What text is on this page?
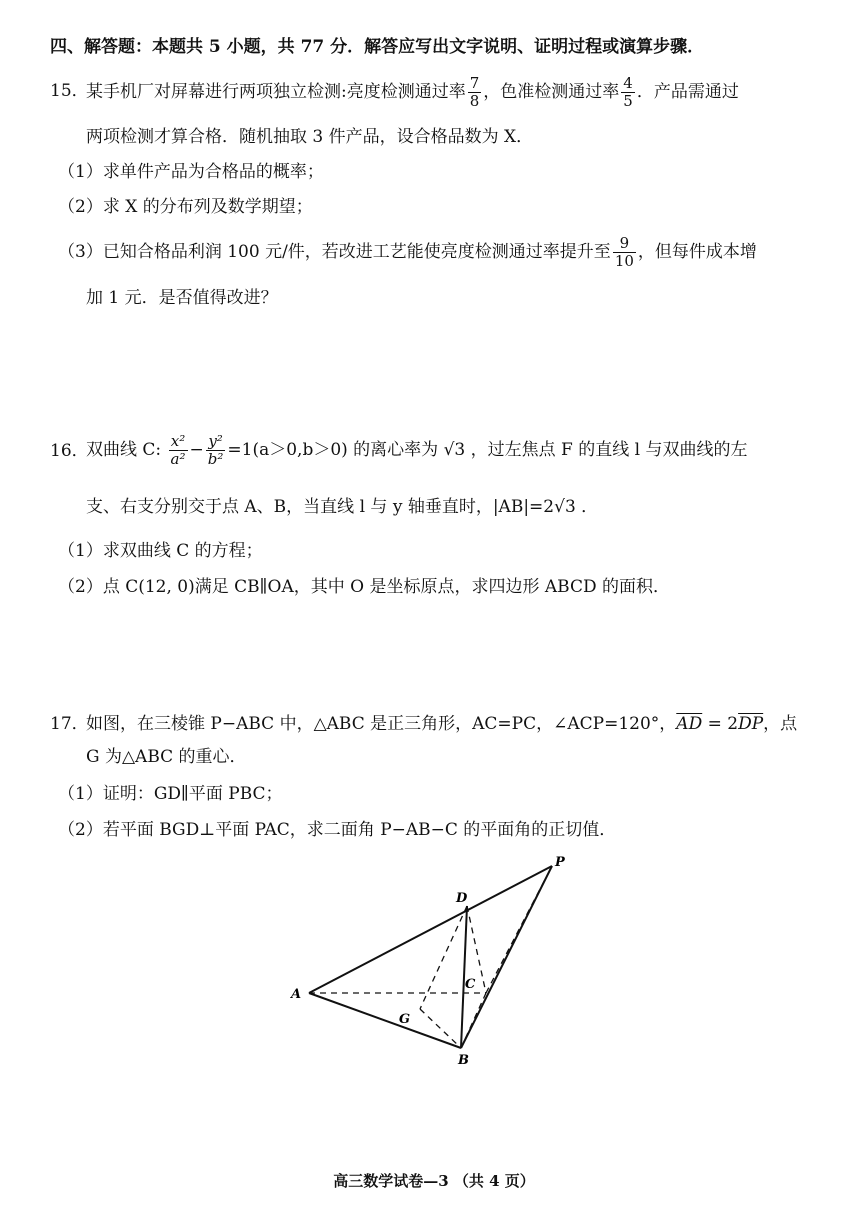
四、解答题：本题共 5 小题，共 77 分．解答应写出文字说明、证明过程或演算步骤．
15．
某手机厂对屏幕进行两项独立检测:亮度检测通过率 $\frac{7}{8}$ ，色准检测通过率 $\frac{4}{5}$ ．产品需通过
两项检测才算合格．随机抽取 3 件产品，设合格品数为 X．
（1）求单件产品为合格品的概率；
（2）求 X 的分布列及数学期望；
（3）已知合格品利润 100 元/件，若改进工艺能使亮度检测通过率提升至 $\frac{9}{10}$ ，但每件成本增
加 1 元．是否值得改进？
16．
双曲线 C: $\frac{\text{x²}}{\text{a²}} - \frac{\text{y²}}{\text{b²}} =1(a>0,b>0)$ 的离心率为 √3 ，过左焦点 F 的直线 l 与双曲线的左
支、右支分别交于点 A、B，当直线 l 与 y 轴垂直时，|AB|=2√3 ．
（1）求双曲线 C 的方程；
（2）点 C(12, 0)满足 CB∥OA，其中 O 是坐标原点，求四边形 ABCD 的面积．
17．
如图，在三棱锥 P−ABC 中，△ABC 是正三角形，AC=PC，∠ACP=120°，$\overline{AD} = 2\overline{DP}$，点
G 为△ABC 的重心．
（1）证明：GD∥平面 PBC；
（2）若平面 BGD⊥平面 PAC，求二面角 P−AB−C 的平面角的正切值．
A
B
C
D
G
P
高三数学试卷—3 （共 4 页）
